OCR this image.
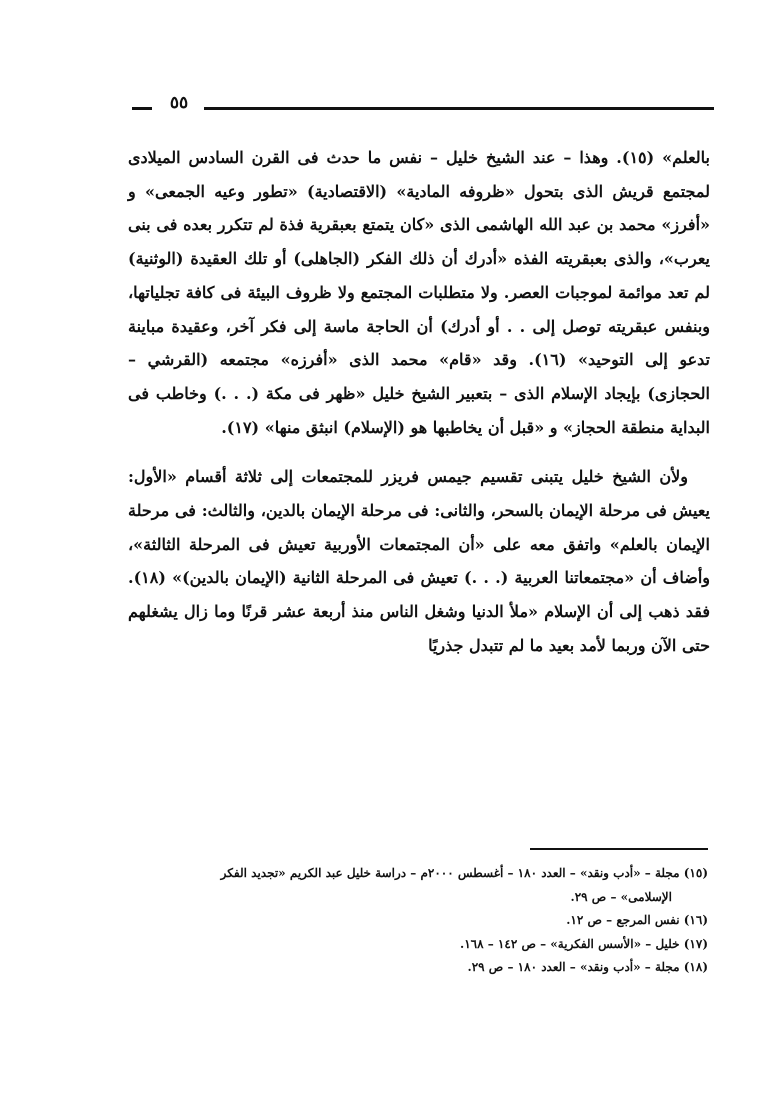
٥٥

بالعلم» (١٥). وهذا – عند الشيخ خليل – نفس ما حدث فى القرن السادس الميلادى لمجتمع قريش الذى بتحول «ظروفه المادية» (الاقتصادية) «تطور وعيه الجمعى» و «أفرز» محمد بن عبد الله الهاشمى الذى «كان يتمتع بعبقرية فذة لم تتكرر بعده فى بنى يعرب»، والذى بعبقريته الفذه «أدرك أن ذلك الفكر (الجاهلى) أو تلك العقيدة (الوثنية) لم تعد موائمة لموجبات العصر. ولا متطلبات المجتمع ولا ظروف البيئة فى كافة تجلياتها، وبنفس عبقريته توصل إلى . . أو أدرك) أن الحاجة ماسة إلى فكر آخر، وعقيدة مباينة تدعو إلى التوحيد» (١٦). وقد «قام» محمد الذى «أفرزه» مجتمعه (القرشي – الحجازى) بإيجاد الإسلام الذى – بتعبير الشيخ خليل «ظهر فى مكة (. . .) وخاطب فى البداية منطقة الحجاز» و «قبل أن يخاطبها هو (الإسلام) انبثق منها» (١٧).

ولأن الشيخ خليل يتبنى تقسيم جيمس فريزر للمجتمعات إلى ثلاثة أقسام «الأول: يعيش فى مرحلة الإيمان بالسحر، والثانى: فى مرحلة الإيمان بالدين، والثالث: فى مرحلة الإيمان بالعلم» واتفق معه على «أن المجتمعات الأوربية تعيش فى المرحلة الثالثة»، وأضاف أن «مجتمعاتنا العربية (. . .) تعيش فى المرحلة الثانية (الإيمان بالدين)» (١٨). فقد ذهب إلى أن الإسلام «ملأ الدنيا وشغل الناس منذ أربعة عشر قرنًا وما زال يشغلهم حتى الآن وربما لأمد بعيد ما لم تتبدل جذريًا

(١٥) مجلة – «أدب ونقد» – العدد ١٨٠ – أغسطس ٢٠٠٠م – دراسة خليل عبد الكريم «تجديد الفكر

الإسلامى» – ص ٢٩.

(١٦) نفس المرجع – ص ١٢.

(١٧) خليل – «الأسس الفكرية» – ص ١٤٢ – ١٦٨.

(١٨) مجلة – «أدب ونقد» – العدد ١٨٠ – ص ٢٩.
